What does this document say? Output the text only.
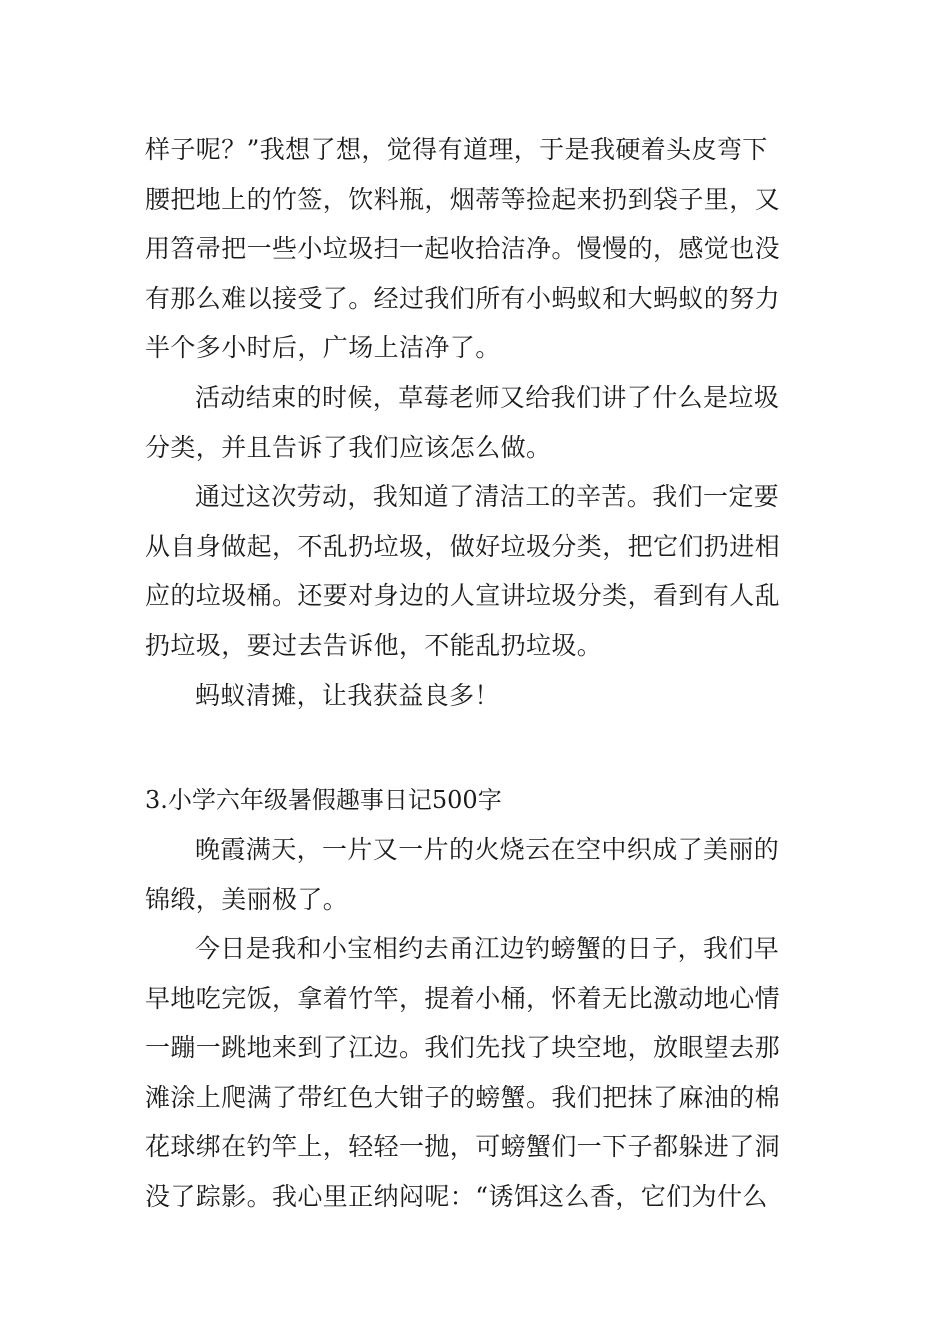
样子呢？”我想了想，觉得有道理，于是我硬着头皮弯下
腰把地上的竹签，饮料瓶，烟蒂等捡起来扔到袋子里，又
用笤帚把一些小垃圾扫一起收拾洁净。慢慢的，感觉也没
有那么难以接受了。经过我们所有小蚂蚁和大蚂蚁的努力
半个多小时后，广场上洁净了。
活动结束的时候，草莓老师又给我们讲了什么是垃圾
分类，并且告诉了我们应该怎么做。
通过这次劳动，我知道了清洁工的辛苦。我们一定要
从自身做起，不乱扔垃圾，做好垃圾分类，把它们扔进相
应的垃圾桶。还要对身边的人宣讲垃圾分类，看到有人乱
扔垃圾，要过去告诉他，不能乱扔垃圾。
蚂蚁清摊，让我获益良多！
3.小学六年级暑假趣事日记500字
晚霞满天，一片又一片的火烧云在空中织成了美丽的
锦缎，美丽极了。
今日是我和小宝相约去甬江边钓螃蟹的日子，我们早
早地吃完饭，拿着竹竿，提着小桶，怀着无比激动地心情
一蹦一跳地来到了江边。我们先找了块空地，放眼望去那
滩涂上爬满了带红色大钳子的螃蟹。我们把抹了麻油的棉
花球绑在钓竿上，轻轻一抛，可螃蟹们一下子都躲进了洞
没了踪影。我心里正纳闷呢：“诱饵这么香，它们为什么
